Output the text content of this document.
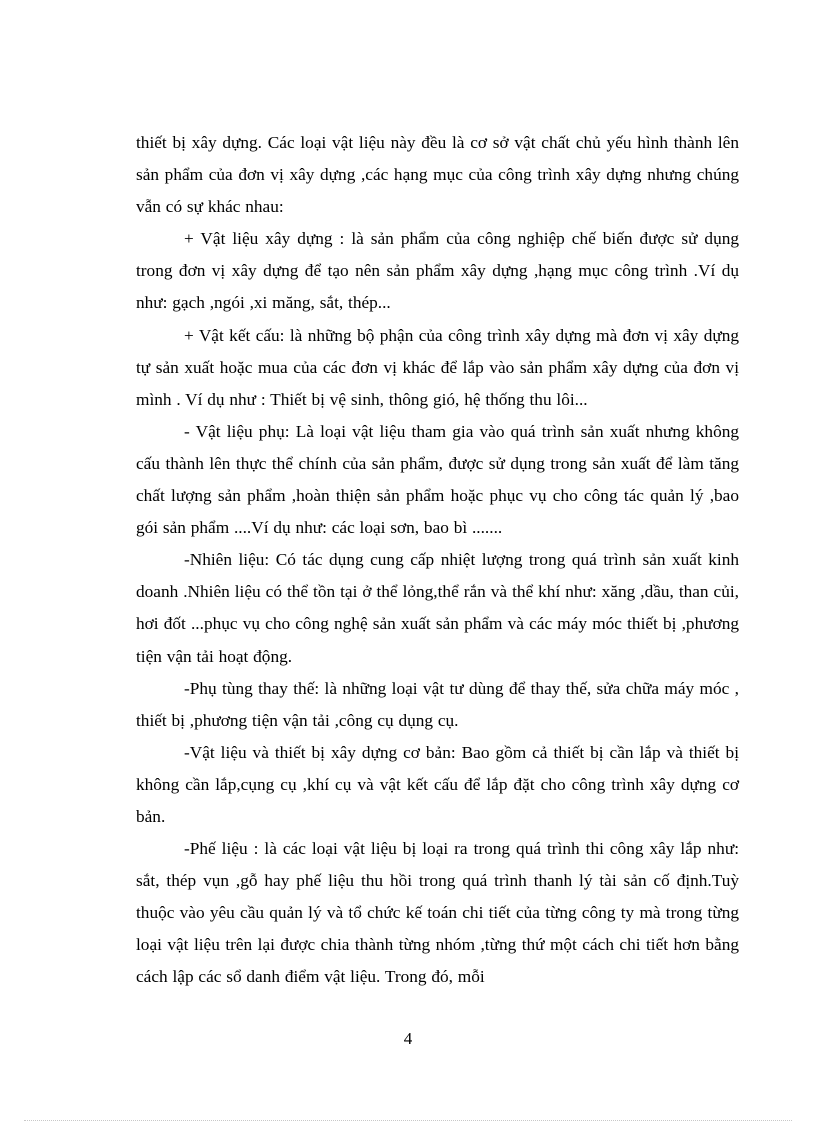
thiết bị xây dựng. Các loại vật liệu này đều là cơ sở vật chất chủ yếu hình thành lên sản phẩm của đơn vị xây dựng ,các hạng mục của công trình xây dựng nhưng chúng vẫn có sự khác nhau:

+ Vật liệu xây dựng : là sản phẩm của công nghiệp chế biến được sử dụng trong đơn vị xây dựng để tạo nên sản phẩm xây dựng ,hạng mục công trình .Ví dụ như: gạch ,ngói ,xi măng, sắt, thép...

+ Vật kết cấu: là những bộ phận của công trình xây dựng mà đơn vị xây dựng tự sản xuất hoặc mua của các đơn vị khác để lắp vào sản phẩm xây dựng của đơn vị mình . Ví dụ như : Thiết bị vệ sinh, thông gió, hệ thống thu lôi...

- Vật liệu phụ: Là loại vật liệu tham gia vào quá trình sản xuất nhưng không cấu thành lên thực thể chính của sản phẩm, được sử dụng trong sản xuất để làm tăng chất lượng sản phẩm ,hoàn thiện sản phẩm hoặc phục vụ cho công tác quản lý ,bao gói sản phẩm ....Ví dụ như: các loại sơn, bao bì .......

-Nhiên liệu: Có tác dụng cung cấp nhiệt lượng trong quá trình sản xuất kinh doanh .Nhiên liệu có thể tồn tại ở thể lỏng,thể rắn và thể khí như: xăng ,dầu, than củi, hơi đốt ...phục vụ cho công nghệ sản xuất sản phẩm và các máy móc thiết bị ,phương tiện vận tải hoạt động.

-Phụ tùng thay thế: là những loại vật tư dùng để thay thế, sửa chữa máy móc , thiết bị ,phương tiện vận tải ,công cụ dụng cụ.

-Vật liệu và thiết bị xây dựng cơ bản: Bao gồm cả thiết bị cần lắp và thiết bị không cần lắp,cụng cụ ,khí cụ và vật kết cấu để lắp đặt cho công trình xây dựng cơ bản.

-Phế liệu : là các loại vật liệu bị loại ra trong quá trình thi công xây lắp như: sắt, thép vụn ,gỗ hay phế liệu thu hồi trong quá trình thanh lý tài sản cố định.Tuỳ thuộc vào yêu cầu quản lý và tổ chức kế toán chi tiết của từng công ty mà trong từng loại vật liệu trên lại được chia thành từng nhóm ,từng thứ một cách chi tiết hơn bằng cách lập các sổ danh điểm vật liệu. Trong đó, mỗi

4
